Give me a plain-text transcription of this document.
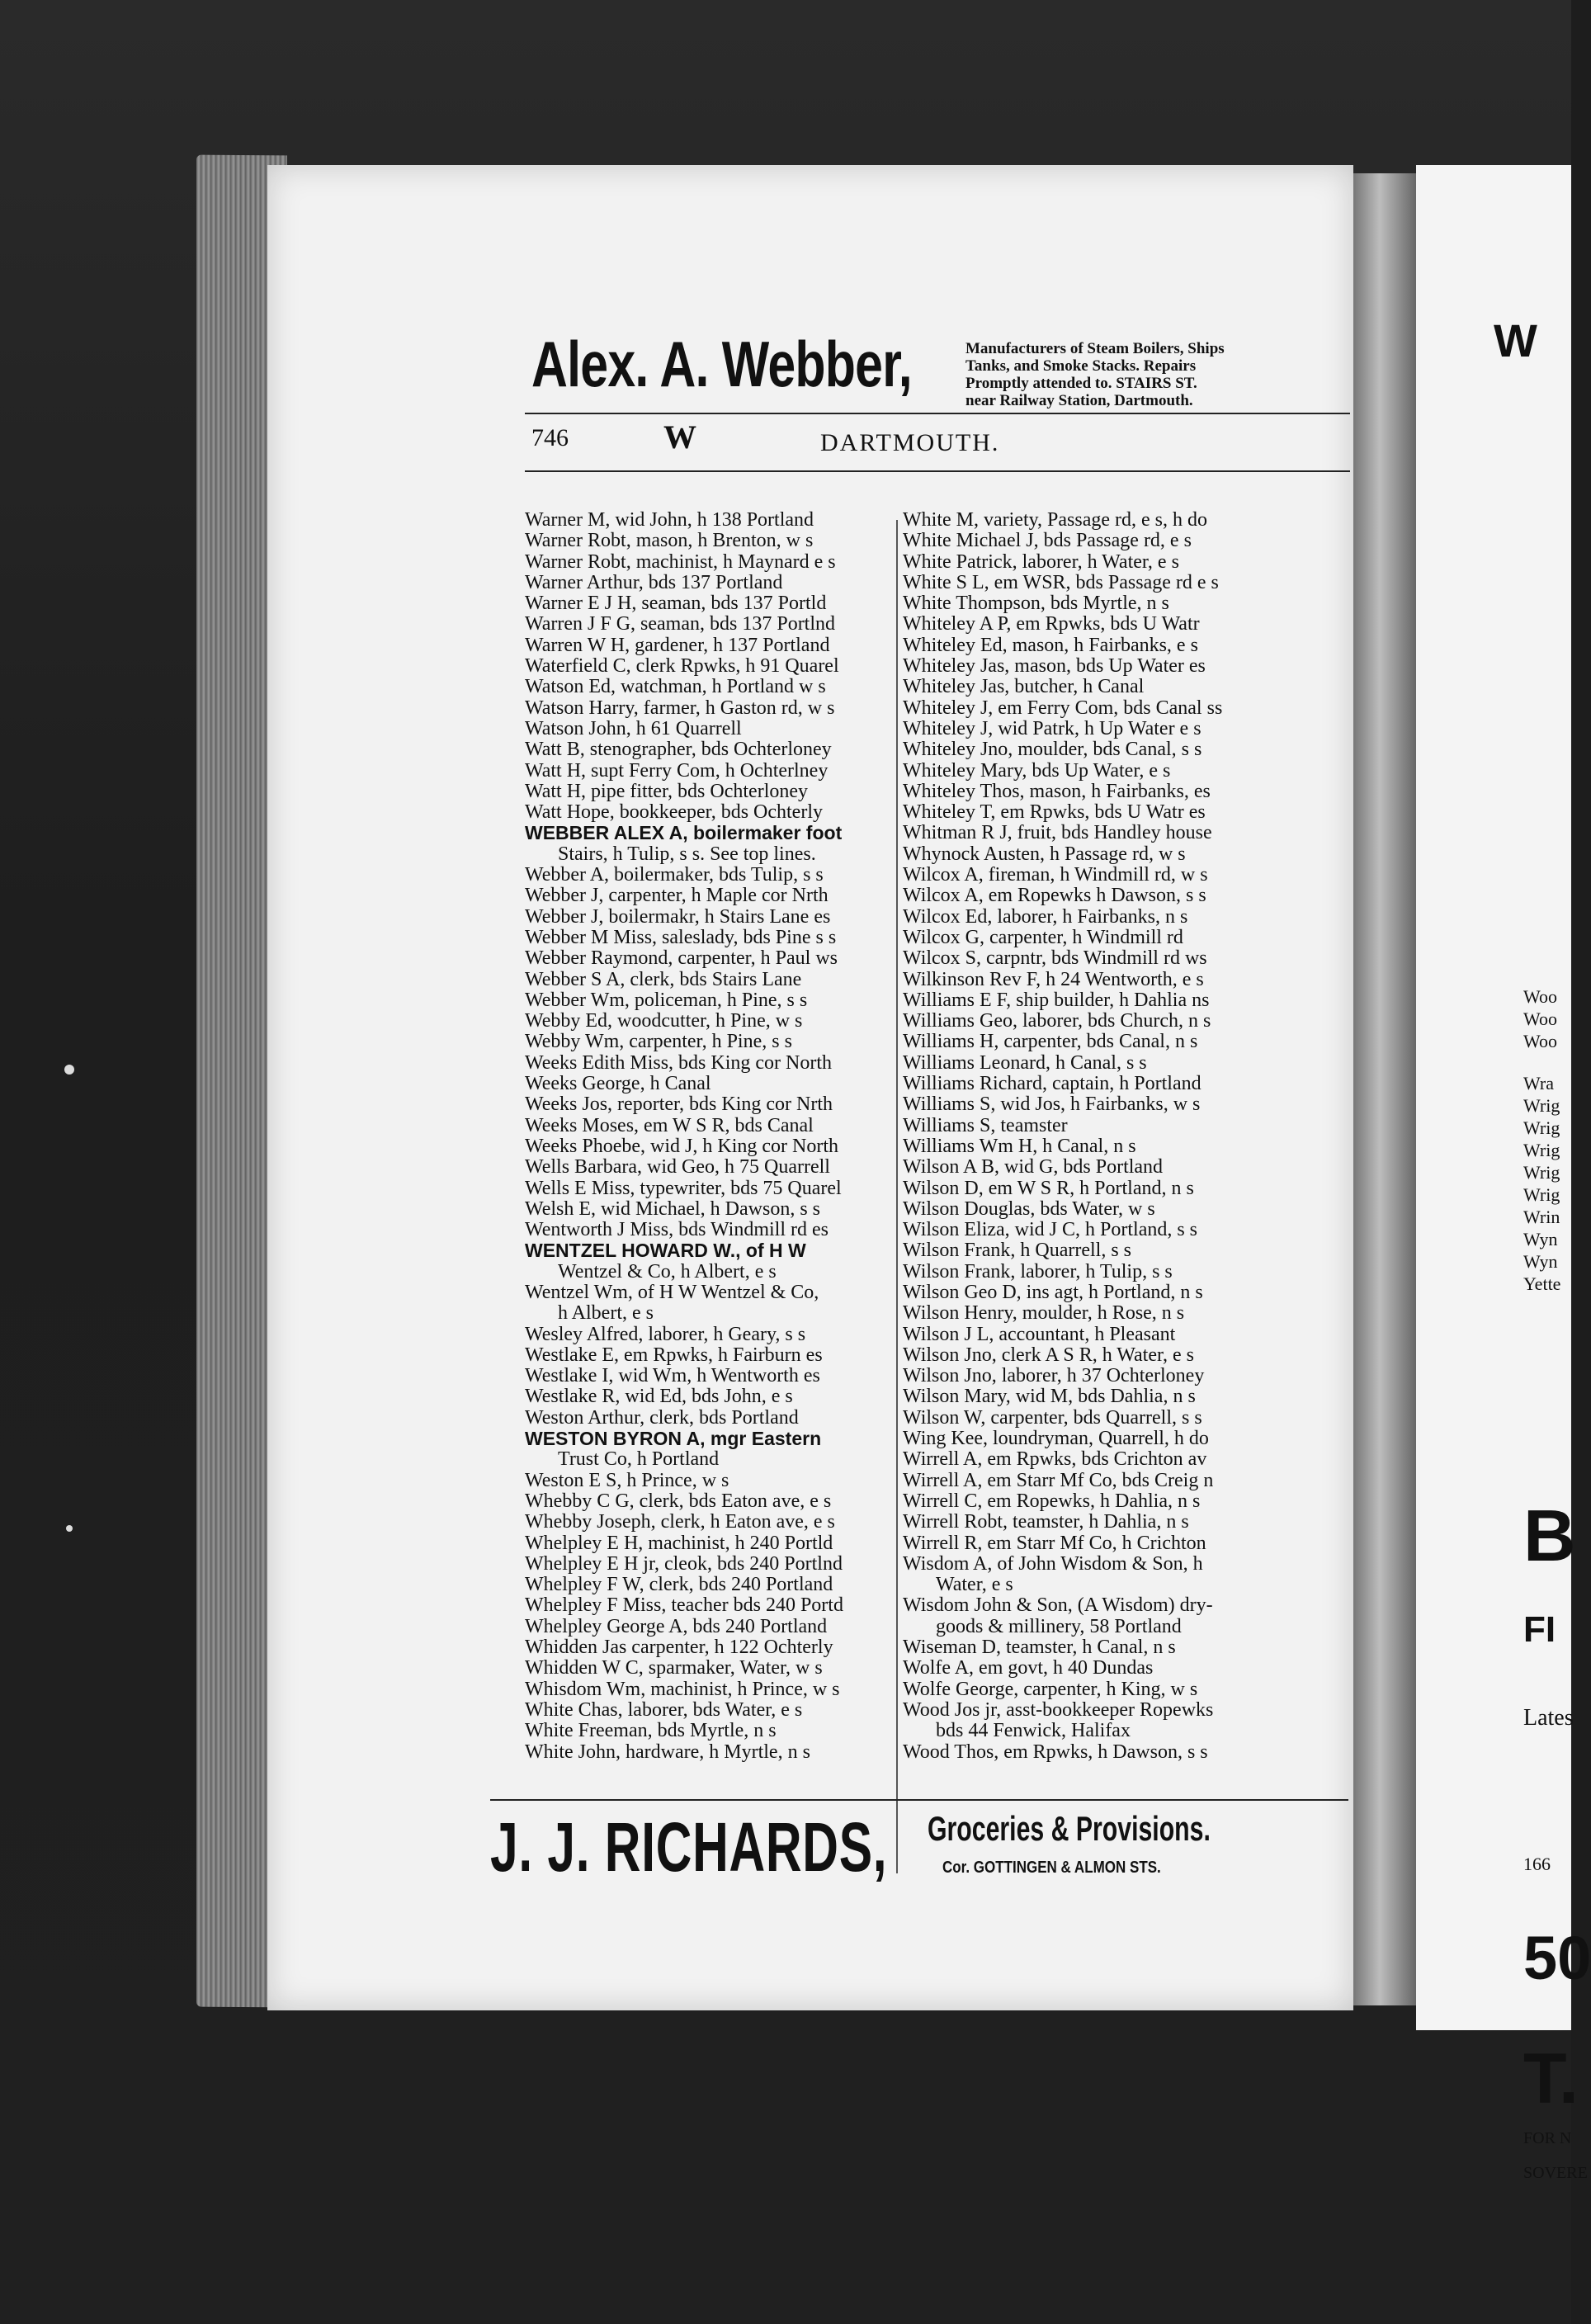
W
Woo
Woo
Woo
Wra
Wrig
Wrig
Wrig
Wrig
Wrig
Wrin
Wyn
Wyn
Yette
B
FI
Lates
166
50
T.
FOR N
SOVERE
Alex. A. Webber,	Manufacturers of Steam Boilers, Ships
Tanks, and Smoke Stacks. Repairs
Promptly attended to. STAIRS ST.
near Railway Station, Dartmouth.
746	W	DARTMOUTH.
Warner M, wid John, h 138 Portland
Warner Robt, mason, h Brenton, w s
Warner Robt, machinist, h Maynard e s
Warner Arthur, bds 137 Portland
Warner E J H, seaman, bds 137 Portld
Warren J F G, seaman, bds 137 Portlnd
Warren W H, gardener, h 137 Portland
Waterfield C, clerk Rpwks, h 91 Quarel
Watson Ed, watchman, h Portland w s
Watson Harry, farmer, h Gaston rd, w s
Watson John, h 61 Quarrell
Watt B, stenographer, bds Ochterloney
Watt H, supt Ferry Com, h Ochterlney
Watt H, pipe fitter, bds Ochterloney
Watt Hope, bookkeeper, bds Ochterly
WEBBER ALEX A, boilermaker foot
Stairs, h Tulip, s s. See top lines.
Webber A, boilermaker, bds Tulip, s s
Webber J, carpenter, h Maple cor Nrth
Webber J, boilermakr, h Stairs Lane es
Webber M Miss, saleslady, bds Pine s s
Webber Raymond, carpenter, h Paul ws
Webber S A, clerk, bds Stairs Lane
Webber Wm, policeman, h Pine, s s
Webby Ed, woodcutter, h Pine, w s
Webby Wm, carpenter, h Pine, s s
Weeks Edith Miss, bds King cor North
Weeks George, h Canal
Weeks Jos, reporter, bds King cor Nrth
Weeks Moses, em W S R, bds Canal
Weeks Phoebe, wid J, h King cor North
Wells Barbara, wid Geo, h 75 Quarrell
Wells E Miss, typewriter, bds 75 Quarel
Welsh E, wid Michael, h Dawson, s s
Wentworth J Miss, bds Windmill rd es
WENTZEL HOWARD W., of H W
Wentzel & Co, h Albert, e s
Wentzel Wm, of H W Wentzel & Co,
h Albert, e s
Wesley Alfred, laborer, h Geary, s s
Westlake E, em Rpwks, h Fairburn es
Westlake I, wid Wm, h Wentworth es
Westlake R, wid Ed, bds John, e s
Weston Arthur, clerk, bds Portland
WESTON BYRON A, mgr Eastern
Trust Co, h Portland
Weston E S, h Prince, w s
Whebby C G, clerk, bds Eaton ave, e s
Whebby Joseph, clerk, h Eaton ave, e s
Whelpley E H, machinist, h 240 Portld
Whelpley E H jr, cleok, bds 240 Portlnd
Whelpley F W, clerk, bds 240 Portland
Whelpley F Miss, teacher bds 240 Portd
Whelpley George A, bds 240 Portland
Whidden Jas carpenter, h 122 Ochterly
Whidden W C, sparmaker, Water, w s
Whisdom Wm, machinist, h Prince, w s
White Chas, laborer, bds Water, e s
White Freeman, bds Myrtle, n s
White John, hardware, h Myrtle, n s
White M, variety, Passage rd, e s, h do
White Michael J, bds Passage rd, e s
White Patrick, laborer, h Water, e s
White S L, em WSR, bds Passage rd e s
White Thompson, bds Myrtle, n s
Whiteley A P, em Rpwks, bds U Watr
Whiteley Ed, mason, h Fairbanks, e s
Whiteley Jas, mason, bds Up Water es
Whiteley Jas, butcher, h Canal
Whiteley J, em Ferry Com, bds Canal ss
Whiteley J, wid Patrk, h Up Water e s
Whiteley Jno, moulder, bds Canal, s s
Whiteley Mary, bds Up Water, e s
Whiteley Thos, mason, h Fairbanks, es
Whiteley T, em Rpwks, bds U Watr es
Whitman R J, fruit, bds Handley house
Whynock Austen, h Passage rd, w s
Wilcox A, fireman, h Windmill rd, w s
Wilcox A, em Ropewks h Dawson, s s
Wilcox Ed, laborer, h Fairbanks, n s
Wilcox G, carpenter, h Windmill rd
Wilcox S, carpntr, bds Windmill rd ws
Wilkinson Rev F, h 24 Wentworth, e s
Williams E F, ship builder, h Dahlia ns
Williams Geo, laborer, bds Church, n s
Williams H, carpenter, bds Canal, n s
Williams Leonard, h Canal, s s
Williams Richard, captain, h Portland
Williams S, wid Jos, h Fairbanks, w s
Williams S, teamster
Williams Wm H, h Canal, n s
Wilson A B, wid G, bds Portland
Wilson D, em W S R, h Portland, n s
Wilson Douglas, bds Water, w s
Wilson Eliza, wid J C, h Portland, s s
Wilson Frank, h Quarrell, s s
Wilson Frank, laborer, h Tulip, s s
Wilson Geo D, ins agt, h Portland, n s
Wilson Henry, moulder, h Rose, n s
Wilson J L, accountant, h Pleasant
Wilson Jno, clerk A S R, h Water, e s
Wilson Jno, laborer, h 37 Ochterloney
Wilson Mary, wid M, bds Dahlia, n s
Wilson W, carpenter, bds Quarrell, s s
Wing Kee, loundryman, Quarrell, h do
Wirrell A, em Rpwks, bds Crichton av
Wirrell A, em Starr Mf Co, bds Creig n
Wirrell C, em Ropewks, h Dahlia, n s
Wirrell Robt, teamster, h Dahlia, n s
Wirrell R, em Starr Mf Co, h Crichton
Wisdom A, of John Wisdom & Son, h
Water, e s
Wisdom John & Son, (A Wisdom) dry-
goods & millinery, 58 Portland
Wiseman D, teamster, h Canal, n s
Wolfe A, em govt, h 40 Dundas
Wolfe George, carpenter, h King, w s
Wood Jos jr, asst-bookkeeper Ropewks
bds 44 Fenwick, Halifax
Wood Thos, em Rpwks, h Dawson, s s
J. J. RICHARDS, Groceries & Provisions.
Cor. GOTTINGEN & ALMON STS.
